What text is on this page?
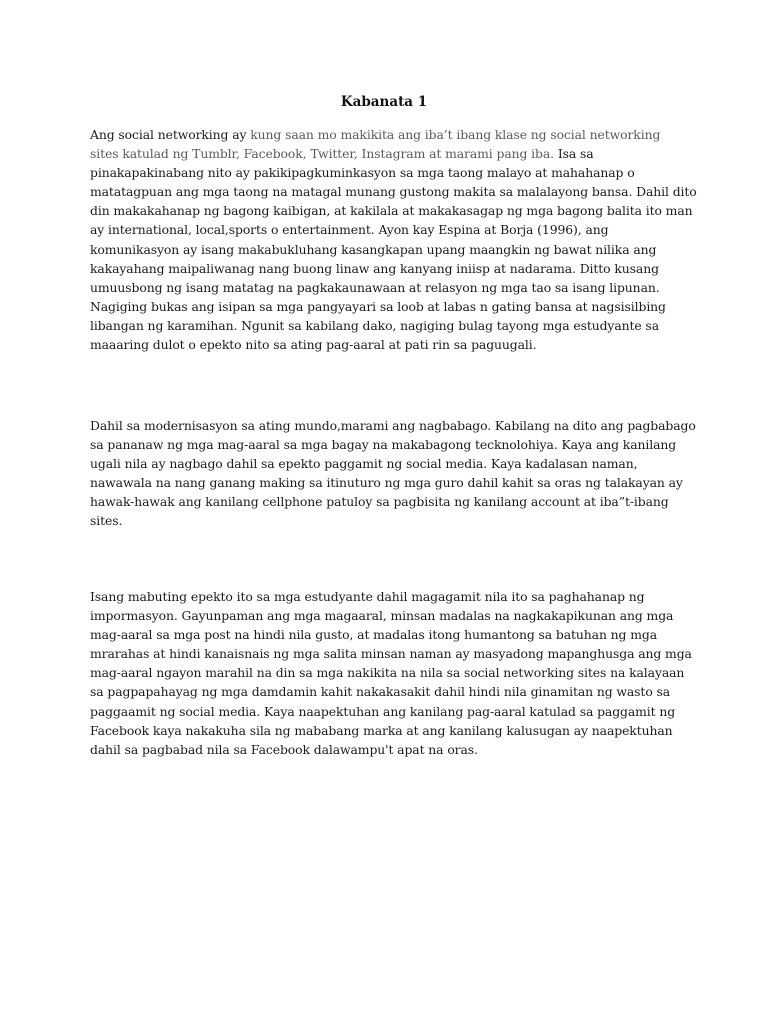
Kabanata 1
Ang social networking ay kung saan mo makikita ang iba’t ibang klase ng social networking
sites katulad ng Tumblr, Facebook, Twitter, Instagram at marami pang iba. Isa sa
pinakapakinabang nito ay pakikipagkuminkasyon sa mga taong malayo at mahahanap o
matatagpuan ang mga taong na matagal munang gustong makita sa malalayong bansa. Dahil dito
din makakahanap ng bagong kaibigan, at kakilala at makakasagap ng mga bagong balita ito man
ay international, local,sports o entertainment. Ayon kay Espina at Borja (1996), ang
komunikasyon ay isang makabukluhang kasangkapan upang maangkin ng bawat nilika ang
kakayahang maipaliwanag nang buong linaw ang kanyang iniisp at nadarama. Ditto kusang
umuusbong ng isang matatag na pagkakaunawaan at relasyon ng mga tao sa isang lipunan.
Nagiging bukas ang isipan sa mga pangyayari sa loob at labas n gating bansa at nagsisilbing
libangan ng karamihan. Ngunit sa kabilang dako, nagiging bulag tayong mga estudyante sa
maaaring dulot o epekto nito sa ating pag-aaral at pati rin sa paguugali.
Dahil sa modernisasyon sa ating mundo,marami ang nagbabago. Kabilang na dito ang pagbabago
sa pananaw ng mga mag-aaral sa mga bagay na makabagong tecknolohiya. Kaya ang kanilang
ugali nila ay nagbago dahil sa epekto paggamit ng social media. Kaya kadalasan naman,
nawawala na nang ganang making sa itinuturo ng mga guro dahil kahit sa oras ng talakayan ay
hawak-hawak ang kanilang cellphone patuloy sa pagbisita ng kanilang account at iba”t-ibang
sites.
Isang mabuting epekto ito sa mga estudyante dahil magagamit nila ito sa paghahanap ng
impormasyon. Gayunpaman ang mga magaaral, minsan madalas na nagkakapikunan ang mga
mag-aaral sa mga post na hindi nila gusto, at madalas itong humantong sa batuhan ng mga
mrarahas at hindi kanaisnais ng mga salita minsan naman ay masyadong mapanghusga ang mga
mag-aaral ngayon marahil na din sa mga nakikita na nila sa social networking sites na kalayaan
sa pagpapahayag ng mga damdamin kahit nakakasakit dahil hindi nila ginamitan ng wasto sa
paggaamit ng social media. Kaya naapektuhan ang kanilang pag-aaral katulad sa paggamit ng
Facebook kaya nakakuha sila ng mababang marka at ang kanilang kalusugan ay naapektuhan
dahil sa pagbabad nila sa Facebook dalawampu't apat na oras.
